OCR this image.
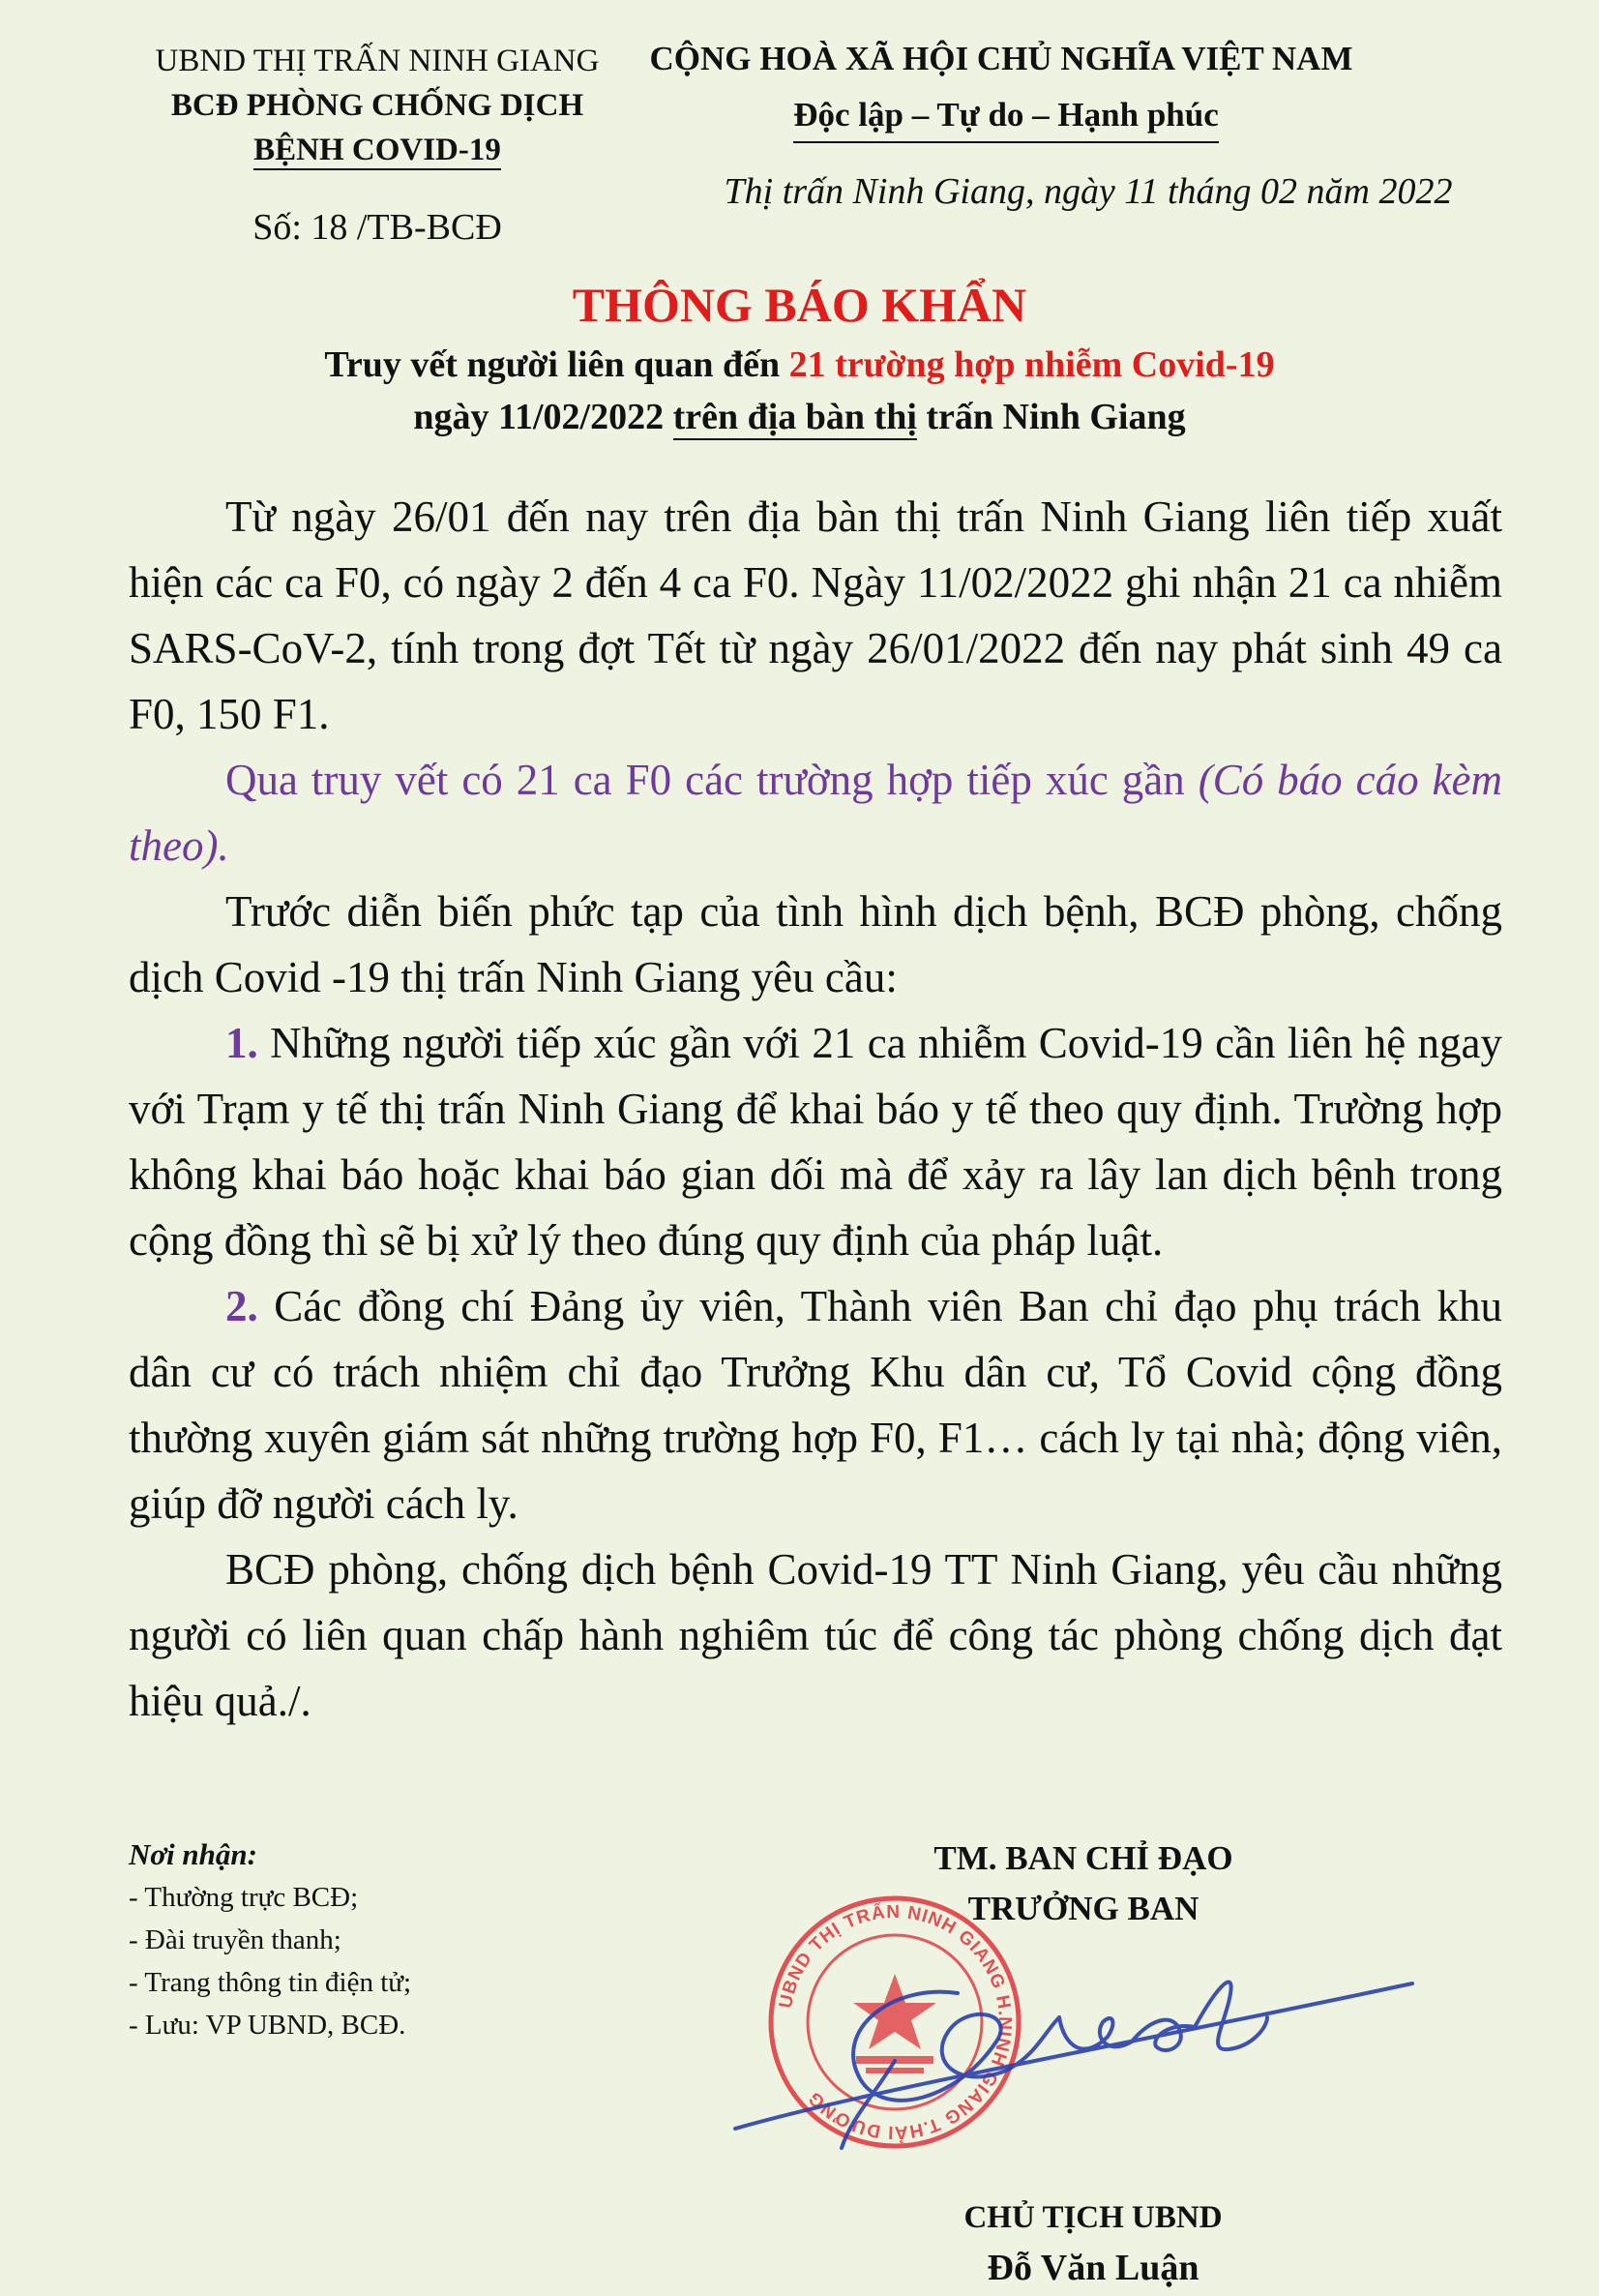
UBND THỊ TRẤN NINH GIANG
BCĐ PHÒNG CHỐNG DỊCH
BỆNH COVID-19
Số: 18 /TB-BCĐ
CỘNG HOÀ XÃ HỘI CHỦ NGHĨA VIỆT NAM
Độc lập – Tự do – Hạnh phúc
Thị trấn Ninh Giang, ngày 11 tháng 02 năm 2022
THÔNG BÁO KHẨN
Truy vết người liên quan đến 21 trường hợp nhiễm Covid-19
ngày 11/02/2022 trên địa bàn thị trấn Ninh Giang

Từ ngày 26/01 đến nay trên địa bàn thị trấn Ninh Giang liên tiếp xuất hiện các ca F0, có ngày 2 đến 4 ca F0. Ngày 11/02/2022 ghi nhận 21 ca nhiễm SARS-CoV-2, tính trong đợt Tết từ ngày 26/01/2022 đến nay phát sinh 49 ca F0, 150 F1.

Qua truy vết có 21 ca F0 các trường hợp tiếp xúc gần (Có báo cáo kèm theo).

Trước diễn biến phức tạp của tình hình dịch bệnh, BCĐ phòng, chống dịch Covid -19 thị trấn Ninh Giang yêu cầu:

1. Những người tiếp xúc gần với 21 ca nhiễm Covid-19 cần liên hệ ngay với Trạm y tế thị trấn Ninh Giang để khai báo y tế theo quy định. Trường hợp không khai báo hoặc khai báo gian dối mà để xảy ra lây lan dịch bệnh trong cộng đồng thì sẽ bị xử lý theo đúng quy định của pháp luật.

2. Các đồng chí Đảng ủy viên, Thành viên Ban chỉ đạo phụ trách khu dân cư có trách nhiệm chỉ đạo Trưởng Khu dân cư, Tổ Covid cộng đồng thường xuyên giám sát những trường hợp F0, F1… cách ly tại nhà; động viên, giúp đỡ người cách ly.

BCĐ phòng, chống dịch bệnh Covid-19 TT Ninh Giang, yêu cầu những người có liên quan chấp hành nghiêm túc để công tác phòng chống dịch đạt hiệu quả./.

Nơi nhận:
- Thường trực BCĐ;
- Đài truyền thanh;
- Trang thông tin điện tử;
- Lưu: VP UBND, BCĐ.
UBND THỊ TRẤN NINH GIANG H.NINH GIANG T.HẢI DƯƠNG
TM. BAN CHỈ ĐẠO
TRƯỞNG BAN
CHỦ TỊCH UBND
Đỗ Văn Luận
